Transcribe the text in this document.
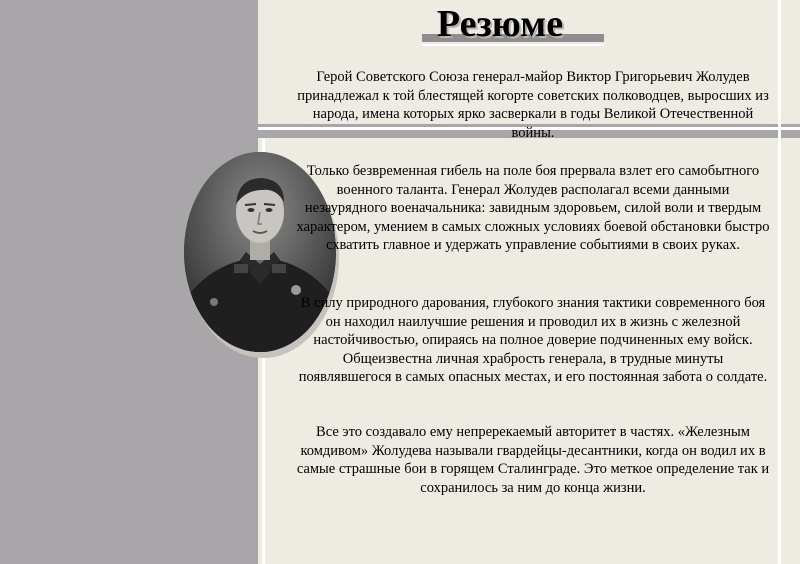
Резюме

Герой Советского Союза генерал-майор Виктор Григорьевич Жолудев принадлежал к той блестящей когорте советских полководцев, выросших из народа, имена которых ярко засверкали в годы Великой Отечественной войны.

Только безвременная гибель на поле боя прервала взлет его самобытного военного таланта. Генерал Жолудев располагал всеми данными незаурядного военачальника: завидным здоровьем, силой воли и твердым характером, умением в самых сложных условиях боевой обстановки быстро схватить главное и удержать управление событиями в своих руках.

В силу природного дарования, глубокого знания тактики современного боя он находил наилучшие решения и проводил их в жизнь с железной настойчивостью, опираясь на полное доверие подчиненных ему войск. Общеизвестна личная храбрость генерала, в трудные минуты появлявшегося в самых опасных местах, и его постоянная забота о солдате.

Все это создавало ему непререкаемый авторитет в частях. «Железным комдивом» Жолудева называли гвардейцы-десантники, когда он водил их в самые страшные бои в горящем Сталинграде. Это меткое определение так и сохранилось за ним до конца жизни.
